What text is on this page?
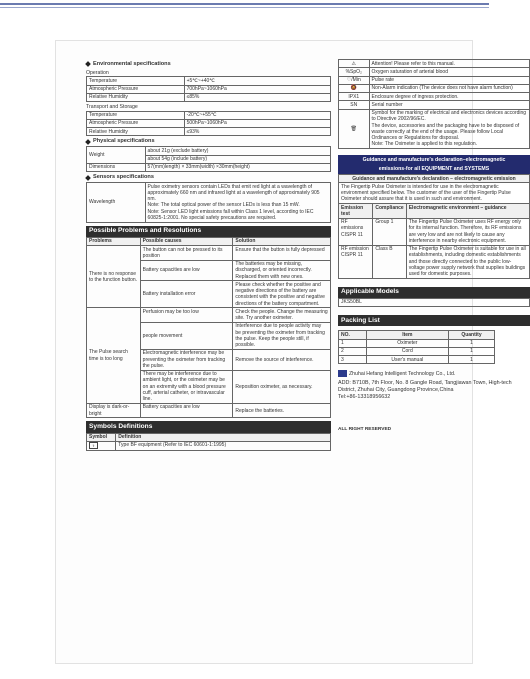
Environmental specifications
Operation
Temperature	+5℃~+40℃
Atmospheric Pressure	700hPa~1060hPa
Relative Humidity	≤85%
Transport and Storage
Temperature	-20℃~+55℃
Atmospheric Pressure	500hPa~1060hPa
Relative Humidity	≤93%
Physical specifications
Weight	about 21g (exclude battery)
	about 54g (include battery)
Dimensions	57(mm)length) × 33mm(width) ×30mm(height)
Sensors specifications
Wavelength	Pulse oximetry sensors contain LEDs that emit red light at a wavelength of approximately 660 nm and infrared light at a wavelength of approximately 905 nm.
Note: The total optical power of the sensor LEDs is less than 15 mW.
Note: Sensor LED light emissions fall within Class 1 level, according to IEC 60825-1:2001. No special safety precautions are required.
Possible Problems and Resolutions
Problems	Possible causes	Solution
There is no response to the function button.	The button can not be pressed to its position	Ensure that the button is fully depressed
	Battery capacities are low	The batteries may be missing, discharged, or oriented incorrectly. Replaced them with new ones.
	Battery installation error	Please check whether the positive and negative directions of the battery are consistent with the positive and negative directions of the battery compartment.
The Pulse search time is too long	Perfusion may be too low	Check the people. Change the measuring site. Try another oximeter.
	people movement	Interference due to people activity may be preventing the oximeter from tracking the pulse. Keep the people still, if possible.
	Electromagnetic interference may be preventing the oximeter from tracking the pulse.	Remove the source of interference.
	There may be interference due to ambient light, or the oximeter may be on an extremity with a blood pressure cuff, arterial catheter, or intravascular line.	Reposition oximeter, as necessary.
Display is dark-or-bright	Battery capacities are low	Replace the batteries.
Symbols Definitions
Symbol	Definition
⚕	Type BF equipment (Refer to IEC 60601-1:1995)
⚠	Attention! Please refer to this manual.
%SpO₂	Oxygen saturation of arterial blood
♡/Min	Pulse rate
🔕	Non-Alarm indication (The device does not have alarm function)
IPX1	Enclosure degree of ingress protection.
SN	Serial number
🗑	Symbol for the marking of electrical and electronics devices according to Directive 2002/96/EC.
The device, accessories and the packaging have to be disposed of waste correctly at the end of the usage. Please follow Local Ordinances or Regulations for disposal.
Note: The Oximeter is applied to this regulation.
Guidance and manufacture's declaration–electromagnetic
emissions-for all EQUIPMENT and SYSTEMS
Guidance and manufacture's declaration – electromagnetic emission		
The Fingertip Pulse Oximeter is intended for use in the electromagnetic environment specified below. The customer of the user of the Fingertip Pulse Oximeter should assure that it is used in such and environment.		
Emission test	Compliance	Electromagnetic environment – guidance
RF emissions CISPR 11	Group 1	The Fingertip Pulse Oximeter uses RF energy only for its internal function. Therefore, its RF emissions are very low and are not likely to cause any interference in nearby electronic equipment.
RF emission CISPR 11	Class B	The Fingertip Pulse Oximeter is suitable for use in all establishments, including domestic establishments and those directly connected to the public low-voltage power supply network that supplies buildings used for domestic purposes.
Applicable Models
JKS50BL
Packing List
NO.	Item	Quantity
1	Oximeter	1
2	Cord	1
3	User's manual	1
Zhuhai Hefang Intelligent Technology Co., Ltd.
ADD: B710B, 7th Floor, No. 8 Gangle Road, Tangjiawan Town, High-tech District, Zhuhai City, Guangdong Province,China
Tel:+86-13318956632
ALL RIGHT RESERVED
